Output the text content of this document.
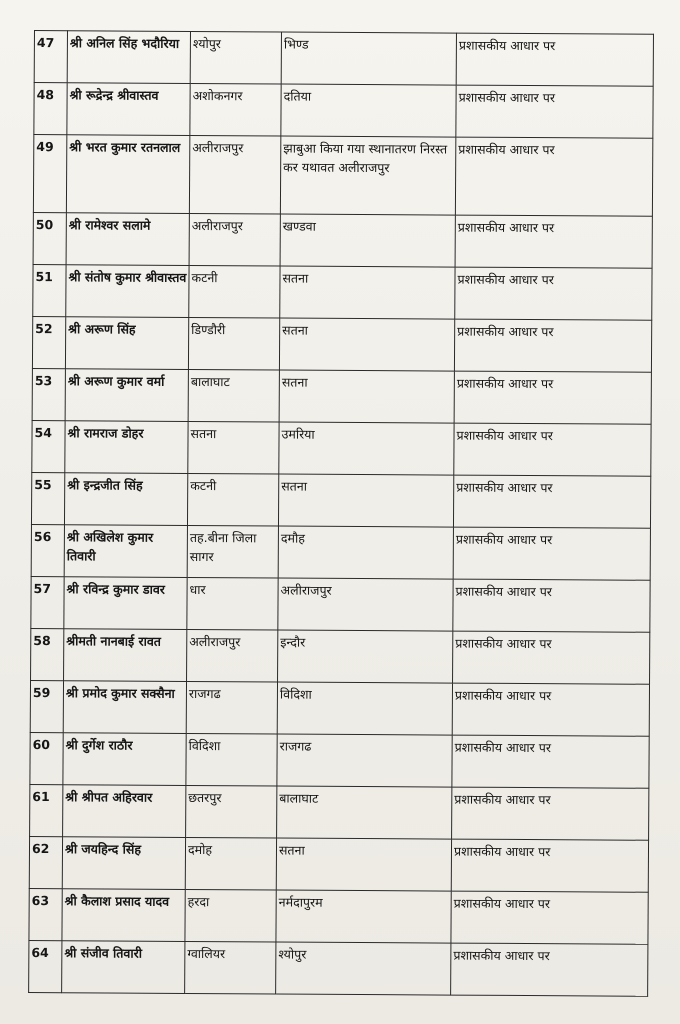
47	श्री अनिल सिंह भदौरिया	श्योपुर	भिण्ड	प्रशासकीय आधार पर

48	श्री रूद्रेन्द्र श्रीवास्तव	अशोकनगर	दतिया	प्रशासकीय आधार पर

49	श्री भरत कुमार रतनलाल	अलीराजपुर	झाबुआ किया गया स्थानातरण निरस्त कर यथावत अलीराजपुर	प्रशासकीय आधार पर

50	श्री रामेश्वर सलामे	अलीराजपुर	खण्डवा	प्रशासकीय आधार पर

51	श्री संतोष कुमार श्रीवास्तव	कटनी	सतना	प्रशासकीय आधार पर

52	श्री अरूण सिंह	डिण्डौरी	सतना	प्रशासकीय आधार पर

53	श्री अरूण कुमार वर्मा	बालाघाट	सतना	प्रशासकीय आधार पर

54	श्री रामराज डोहर	सतना	उमरिया	प्रशासकीय आधार पर

55	श्री इन्द्रजीत सिंह	कटनी	सतना	प्रशासकीय आधार पर

56	श्री अखिलेश कुमार तिवारी	तह.बीना जिला सागर	दमौह	प्रशासकीय आधार पर

57	श्री रविन्द्र कुमार डावर	धार	अलीराजपुर	प्रशासकीय आधार पर

58	श्रीमती नानबाई रावत	अलीराजपुर	इन्दौर	प्रशासकीय आधार पर

59	श्री प्रमोद कुमार सक्सैना	राजगढ	विदिशा	प्रशासकीय आधार पर

60	श्री दुर्गेश राठौर	विदिशा	राजगढ	प्रशासकीय आधार पर

61	श्री श्रीपत अहिरवार	छतरपुर	बालाघाट	प्रशासकीय आधार पर

62	श्री जयहिन्द सिंह	दमोह	सतना	प्रशासकीय आधार पर

63	श्री कैलाश प्रसाद यादव	हरदा	नर्मदापुरम	प्रशासकीय आधार पर

64	श्री संजीव तिवारी	ग्वालियर	श्योपुर	प्रशासकीय आधार पर
